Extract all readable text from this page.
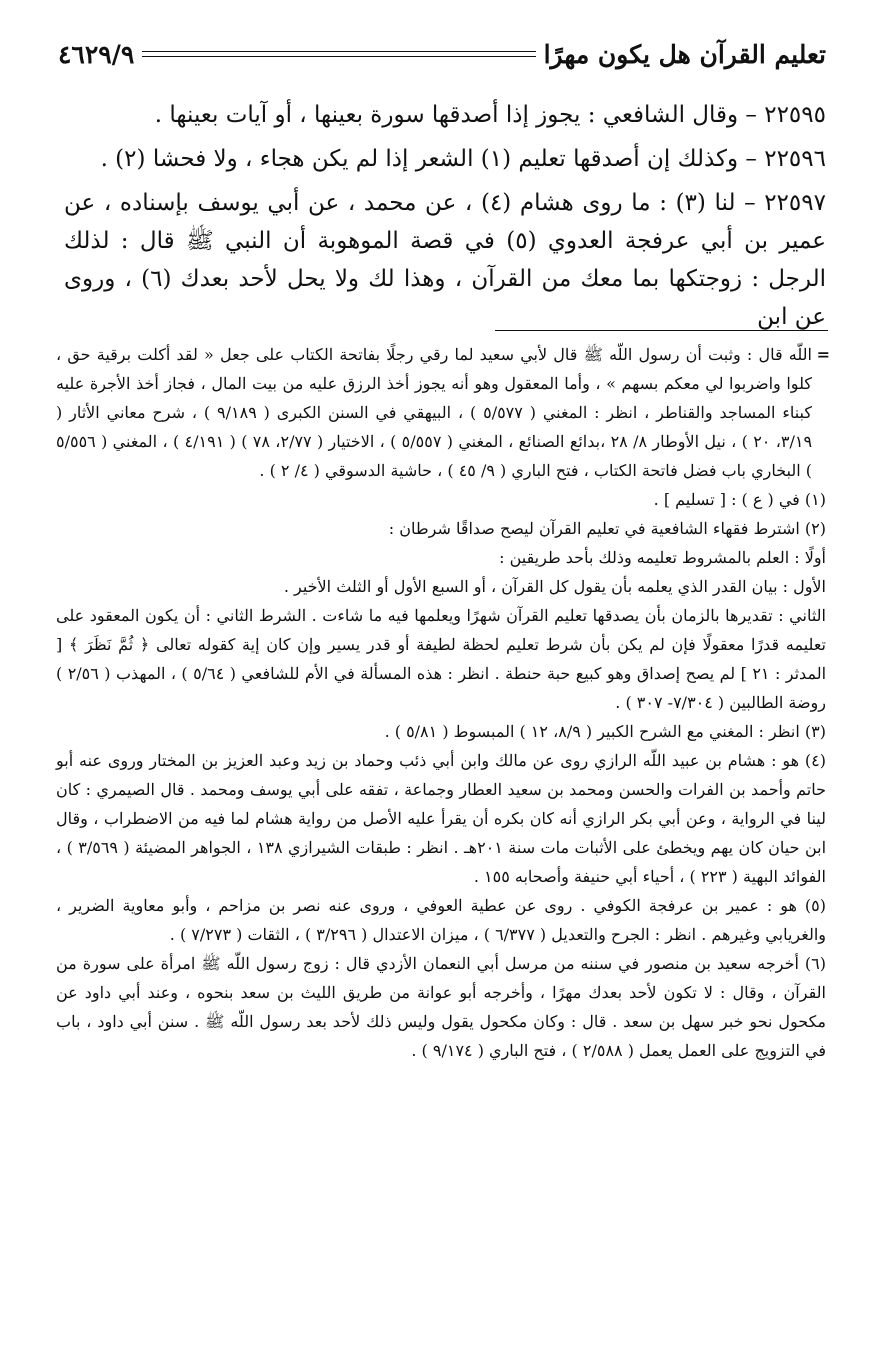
تعليم القرآن هل يكون مهرًا
٤٦٢٩/٩

٢٢٥٩٥ – وقال الشافعي : يجوز إذا أصدقها سورة بعينها ، أو آيات بعينها .

٢٢٥٩٦ – وكذلك إن أصدقها تعليم (١) الشعر إذا لم يكن هجاء ، ولا فحشا (٢) .

٢٢٥٩٧ – لنا (٣) : ما روى هشام (٤) ، عن محمد ، عن أبي يوسف بإسناده ، عن عمير بن أبي عرفجة العدوي (٥) في قصة الموهوبة أن النبي ﷺ قال : لذلك الرجل : زوجتكها بما معك من القرآن ، وهذا لك ولا يحل لأحد بعدك (٦) ، وروى عن ابن

= اللّه قال : وثبت أن رسول اللّه ﷺ قال لأبي سعيد لما رقي رجلًا بفاتحة الكتاب على جعل « لقد أكلت برقية حق ، كلوا واضربوا لي معكم بسهم » ، وأما المعقول وهو أنه يجوز أخذ الرزق عليه من بيت المال ، فجاز أخذ الأجرة عليه كبناء المساجد والقناطر ، انظر : المغني ( ٥/٥٧٧ ) ، البيهقي في السنن الكبرى ( ٩/١٨٩ ) ، شرح معاني الأثار ( ٣/١٩، ٢٠ ) ، نيل الأوطار ٨/ ٢٨ ،بدائع الصنائع ، المغني ( ٥/٥٥٧ ) ، الاختيار ( ٢/٧٧، ٧٨ ) ( ٤/١٩١ ) ، المغني ( ٥/٥٥٦ ) البخاري باب فضل فاتحة الكتاب ، فتح الباري ( ٩/ ٤٥ ) ، حاشية الدسوقي ( ٤/ ٢ ) .

(١) في ( ع ) : [ تسليم ] .

(٢) اشترط فقهاء الشافعية في تعليم القرآن ليصح صداقًا شرطان :

أولًا : العلم بالمشروط تعليمه وذلك بأحد طريقين :

الأول : بيان القدر الذي يعلمه بأن يقول كل القرآن ، أو السبع الأول أو الثلث الأخير .

الثاني : تقديرها بالزمان بأن يصدقها تعليم القرآن شهرًا ويعلمها فيه ما شاءت . الشرط الثاني : أن يكون المعقود على تعليمه قدرًا معقولًا فإن لم يكن بأن شرط تعليم لحظة لطيفة أو قدر يسير وإن كان إية كقوله تعالى ﴿ ثُمَّ نَظَرَ ﴾ [ المدثر : ٢١ ] لم يصح إصداق وهو كبيع حبة حنطة . انظر : هذه المسألة في الأم للشافعي ( ٥/٦٤ ) ، المهذب ( ٢/٥٦ ) روضة الطالبين ( ٧/٣٠٤- ٣٠٧ ) .

(٣) انظر : المغني مع الشرح الكبير ( ٨/٩، ١٢ ) المبسوط ( ٥/٨١ ) .

(٤) هو : هشام بن عبيد اللّه الرازي روى عن مالك وابن أبي ذئب وحماد بن زيد وعبد العزيز بن المختار وروى عنه أبو حاتم وأحمد بن الفرات والحسن ومحمد بن سعيد العطار وجماعة ، تفقه على أبي يوسف ومحمد . قال الصيمري : كان لينا في الرواية ، وعن أبي بكر الرازي أنه كان بكره أن يقرأ عليه الأصل من رواية هشام لما فيه من الاضطراب ، وقال ابن حيان كان يهم ويخطئ على الأثبات مات سنة ٢٠١هـ . انظر : طبقات الشيرازي ١٣٨ ، الجواهر المضيئة ( ٣/٥٦٩ ) ، الفوائد البهية ( ٢٢٣ ) ، أحياء أبي حنيفة وأصحابه ١٥٥ .

(٥) هو : عمير بن عرفجة الكوفي . روى عن عطية العوفي ، وروى عنه نصر بن مزاحم ، وأبو معاوية الضرير ، والغريابي وغيرهم . انظر : الجرح والتعديل ( ٦/٣٧٧ ) ، ميزان الاعتدال ( ٣/٢٩٦ ) ، الثقات ( ٧/٢٧٣ ) .

(٦) أخرجه سعيد بن منصور في سننه من مرسل أبي النعمان الأزدي قال : زوج رسول اللّه ﷺ امرأة على سورة من القرآن ، وقال : لا تكون لأحد بعدك مهرًا ، وأخرجه أبو عوانة من طريق الليث بن سعد بنحوه ، وعند أبي داود عن مكحول نحو خبر سهل بن سعد . قال : وكان مكحول يقول وليس ذلك لأحد بعد رسول اللّه ﷺ . سنن أبي داود ، باب في التزويج على العمل يعمل ( ٢/٥٨٨ ) ، فتح الباري ( ٩/١٧٤ ) .
